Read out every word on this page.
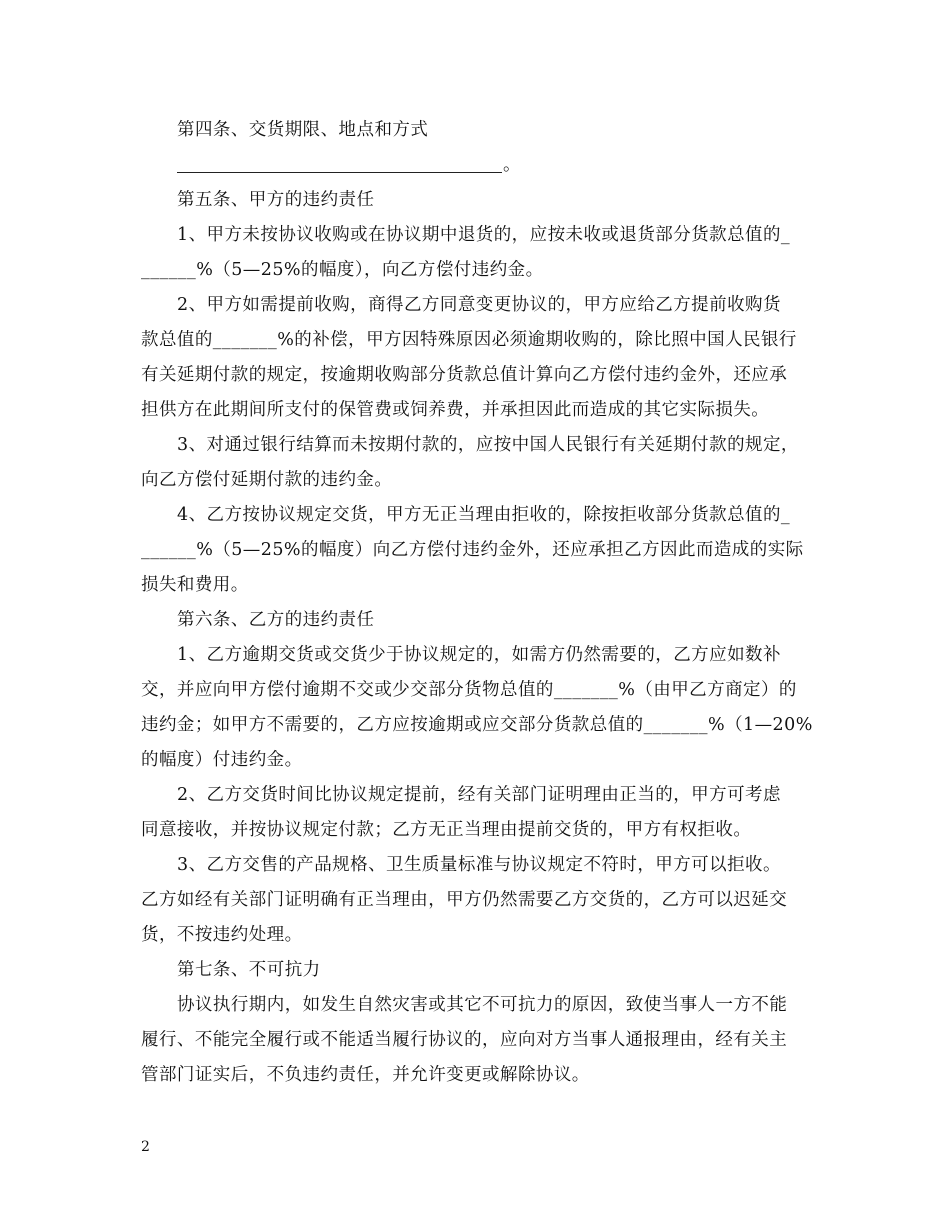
第四条、交货期限、地点和方式
。
第五条、甲方的违约责任
1、甲方未按协议收购或在协议期中退货的，应按未收或退货部分货款总值的_
______%（5—25%的幅度），向乙方偿付违约金。
2、甲方如需提前收购，商得乙方同意变更协议的，甲方应给乙方提前收购货
款总值的_______%的补偿，甲方因特殊原因必须逾期收购的，除比照中国人民银行
有关延期付款的规定，按逾期收购部分货款总值计算向乙方偿付违约金外，还应承
担供方在此期间所支付的保管费或饲养费，并承担因此而造成的其它实际损失。
3、对通过银行结算而未按期付款的，应按中国人民银行有关延期付款的规定，
向乙方偿付延期付款的违约金。
4、乙方按协议规定交货，甲方无正当理由拒收的，除按拒收部分货款总值的_
______%（5—25%的幅度）向乙方偿付违约金外，还应承担乙方因此而造成的实际
损失和费用。
第六条、乙方的违约责任
1、乙方逾期交货或交货少于协议规定的，如需方仍然需要的，乙方应如数补
交，并应向甲方偿付逾期不交或少交部分货物总值的_______%（由甲乙方商定）的
违约金；如甲方不需要的，乙方应按逾期或应交部分货款总值的_______%（1—20%
的幅度）付违约金。
2、乙方交货时间比协议规定提前，经有关部门证明理由正当的，甲方可考虑
同意接收，并按协议规定付款；乙方无正当理由提前交货的，甲方有权拒收。
3、乙方交售的产品规格、卫生质量标准与协议规定不符时，甲方可以拒收。
乙方如经有关部门证明确有正当理由，甲方仍然需要乙方交货的，乙方可以迟延交
货，不按违约处理。
第七条、不可抗力
协议执行期内，如发生自然灾害或其它不可抗力的原因，致使当事人一方不能
履行、不能完全履行或不能适当履行协议的，应向对方当事人通报理由，经有关主
管部门证实后，不负违约责任，并允许变更或解除协议。
2
